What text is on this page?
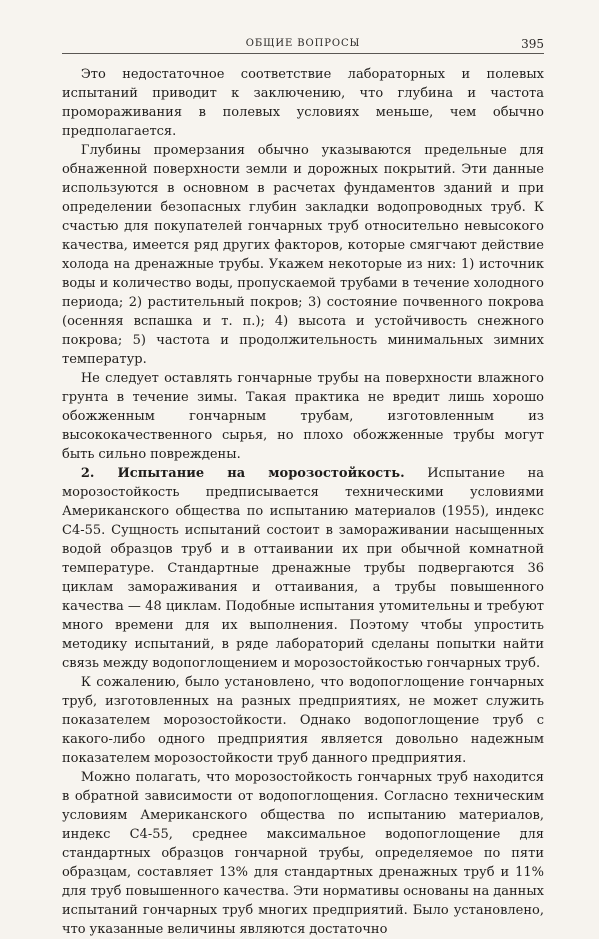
ОБЩИЕ ВОПРОСЫ	395

Это недостаточное соответствие лабораторных и полевых испытаний приводит к заключению, что глубина и частота промораживания в полевых условиях меньше, чем обычно предполагается.

Глубины промерзания обычно указываются предельные для обнаженной поверхности земли и дорожных покрытий. Эти данные используются в основном в расчетах фундаментов зданий и при определении безопасных глубин закладки водопроводных труб. К счастью для покупателей гончарных труб относительно невысокого качества, имеется ряд других факторов, которые смягчают действие холода на дренажные трубы. Укажем некоторые из них: 1) источник воды и количество воды, пропускаемой трубами в течение холодного периода; 2) растительный покров; 3) состояние почвенного покрова (осенняя вспашка и т. п.); 4) высота и устойчивость снежного покрова; 5) частота и продолжительность минимальных зимних температур.

Не следует оставлять гончарные трубы на поверхности влажного грунта в течение зимы. Такая практика не вредит лишь хорошо обожженным гончарным трубам, изготовленным из высококачественного сырья, но плохо обожженные трубы могут быть сильно повреждены.

2. Испытание на морозостойкость. Испытание на морозостойкость предписывается техническими условиями Американского общества по испытанию материалов (1955), индекс С4-55. Сущность испытаний состоит в замораживании насыщенных водой образцов труб и в оттаивании их при обычной комнатной температуре. Стандартные дренажные трубы подвергаются 36 циклам замораживания и оттаивания, а трубы повышенного качества — 48 циклам. Подобные испытания утомительны и требуют много времени для их выполнения. Поэтому чтобы упростить методику испытаний, в ряде лабораторий сделаны попытки найти связь между водопоглощением и морозостойкостью гончарных труб.

К сожалению, было установлено, что водопоглощение гончарных труб, изготовленных на разных предприятиях, не может служить показателем морозостойкости. Однако водопоглощение труб с какого-либо одного предприятия является довольно надежным показателем морозостойкости труб данного предприятия.

Можно полагать, что морозостойкость гончарных труб находится в обратной зависимости от водопоглощения. Согласно техническим условиям Американского общества по испытанию материалов, индекс С4-55, среднее максимальное водопоглощение для стандартных образцов гончарной трубы, определяемое по пяти образцам, составляет 13% для стандартных дренажных труб и 11% для труб повышенного качества. Эти нормативы основаны на данных испытаний гончарных труб многих предприятий. Было установлено, что указанные величины являются достаточно
